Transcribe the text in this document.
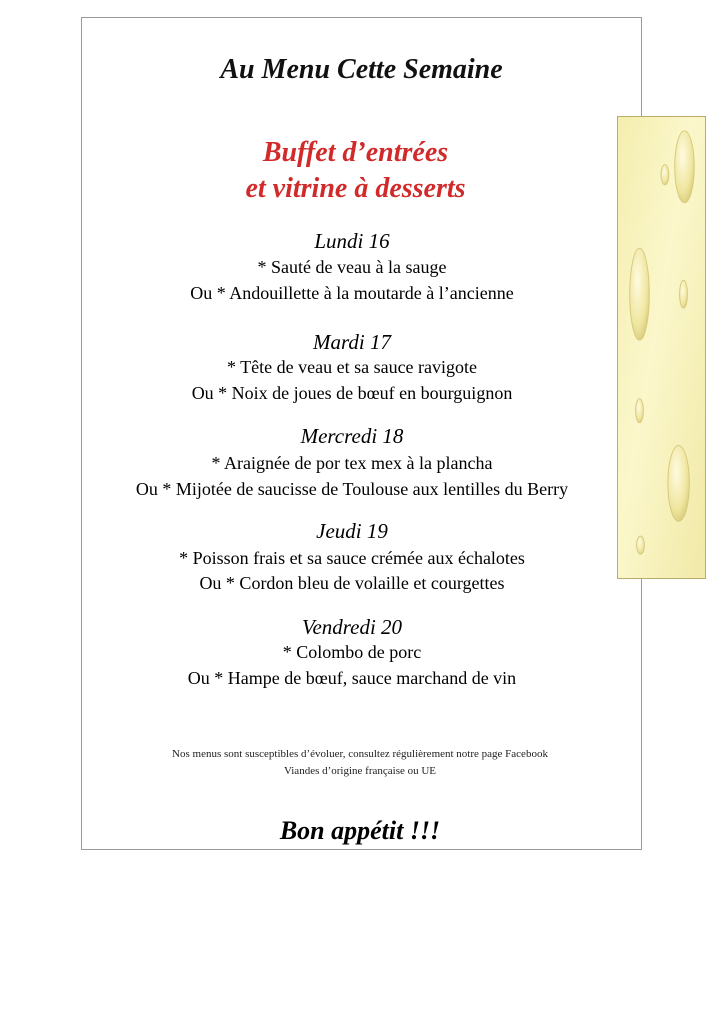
Au Menu Cette Semaine
Buffet d’entrées
et vitrine à desserts
Lundi 16
* Sauté de veau à la sauge
Ou * Andouillette à la moutarde à l’ancienne
Mardi 17
* Tête de veau et sa sauce ravigote
Ou * Noix de joues de bœuf en bourguignon
Mercredi 18
* Araignée de por tex mex à la plancha
Ou * Mijotée de saucisse de Toulouse aux lentilles du Berry
Jeudi 19
* Poisson frais et sa sauce crémée aux échalotes
Ou * Cordon bleu de volaille et courgettes
Vendredi 20
* Colombo de porc
Ou * Hampe de bœuf, sauce marchand de vin
Nos menus sont susceptibles d’évoluer, consultez régulièrement notre page Facebook
Viandes d’origine française ou UE
Bon appétit !!!
